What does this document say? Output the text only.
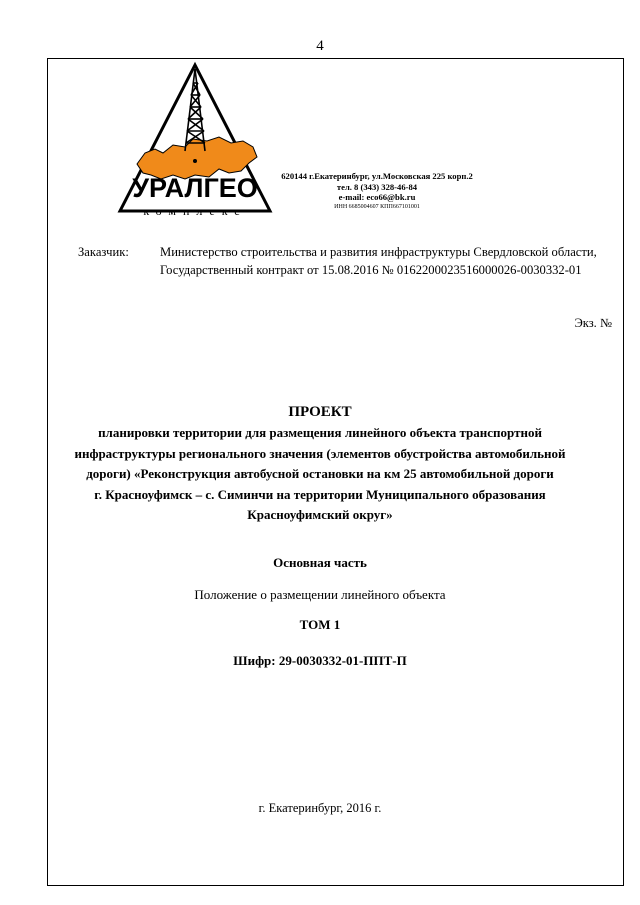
4
УРАЛГЕО
комплекс
620144 г.Екатеринбург, ул.Московская 225 корп.2
тел. 8 (343) 328-46-84
e-mail: eco66@bk.ru
ИНН 6685004607 КПП667101001
Заказчик: Министерство строительства и развития инфраструктуры Свердловской области,
Государственный контракт от 15.08.2016 № 0162200023516000026-0030332-01
Экз. №
ПРОЕКТ
планировки территории для размещения линейного объекта транспортной
инфраструктуры регионального значения (элементов обустройства автомобильной
дороги) «Реконструкция автобусной остановки на км 25 автомобильной дороги
г. Красноуфимск – с. Симинчи на территории Муниципального образования
Красноуфимский округ»
Основная часть
Положение о размещении линейного объекта
ТОМ 1
Шифр: 29-0030332-01-ППТ-П
г. Екатеринбург, 2016 г.
